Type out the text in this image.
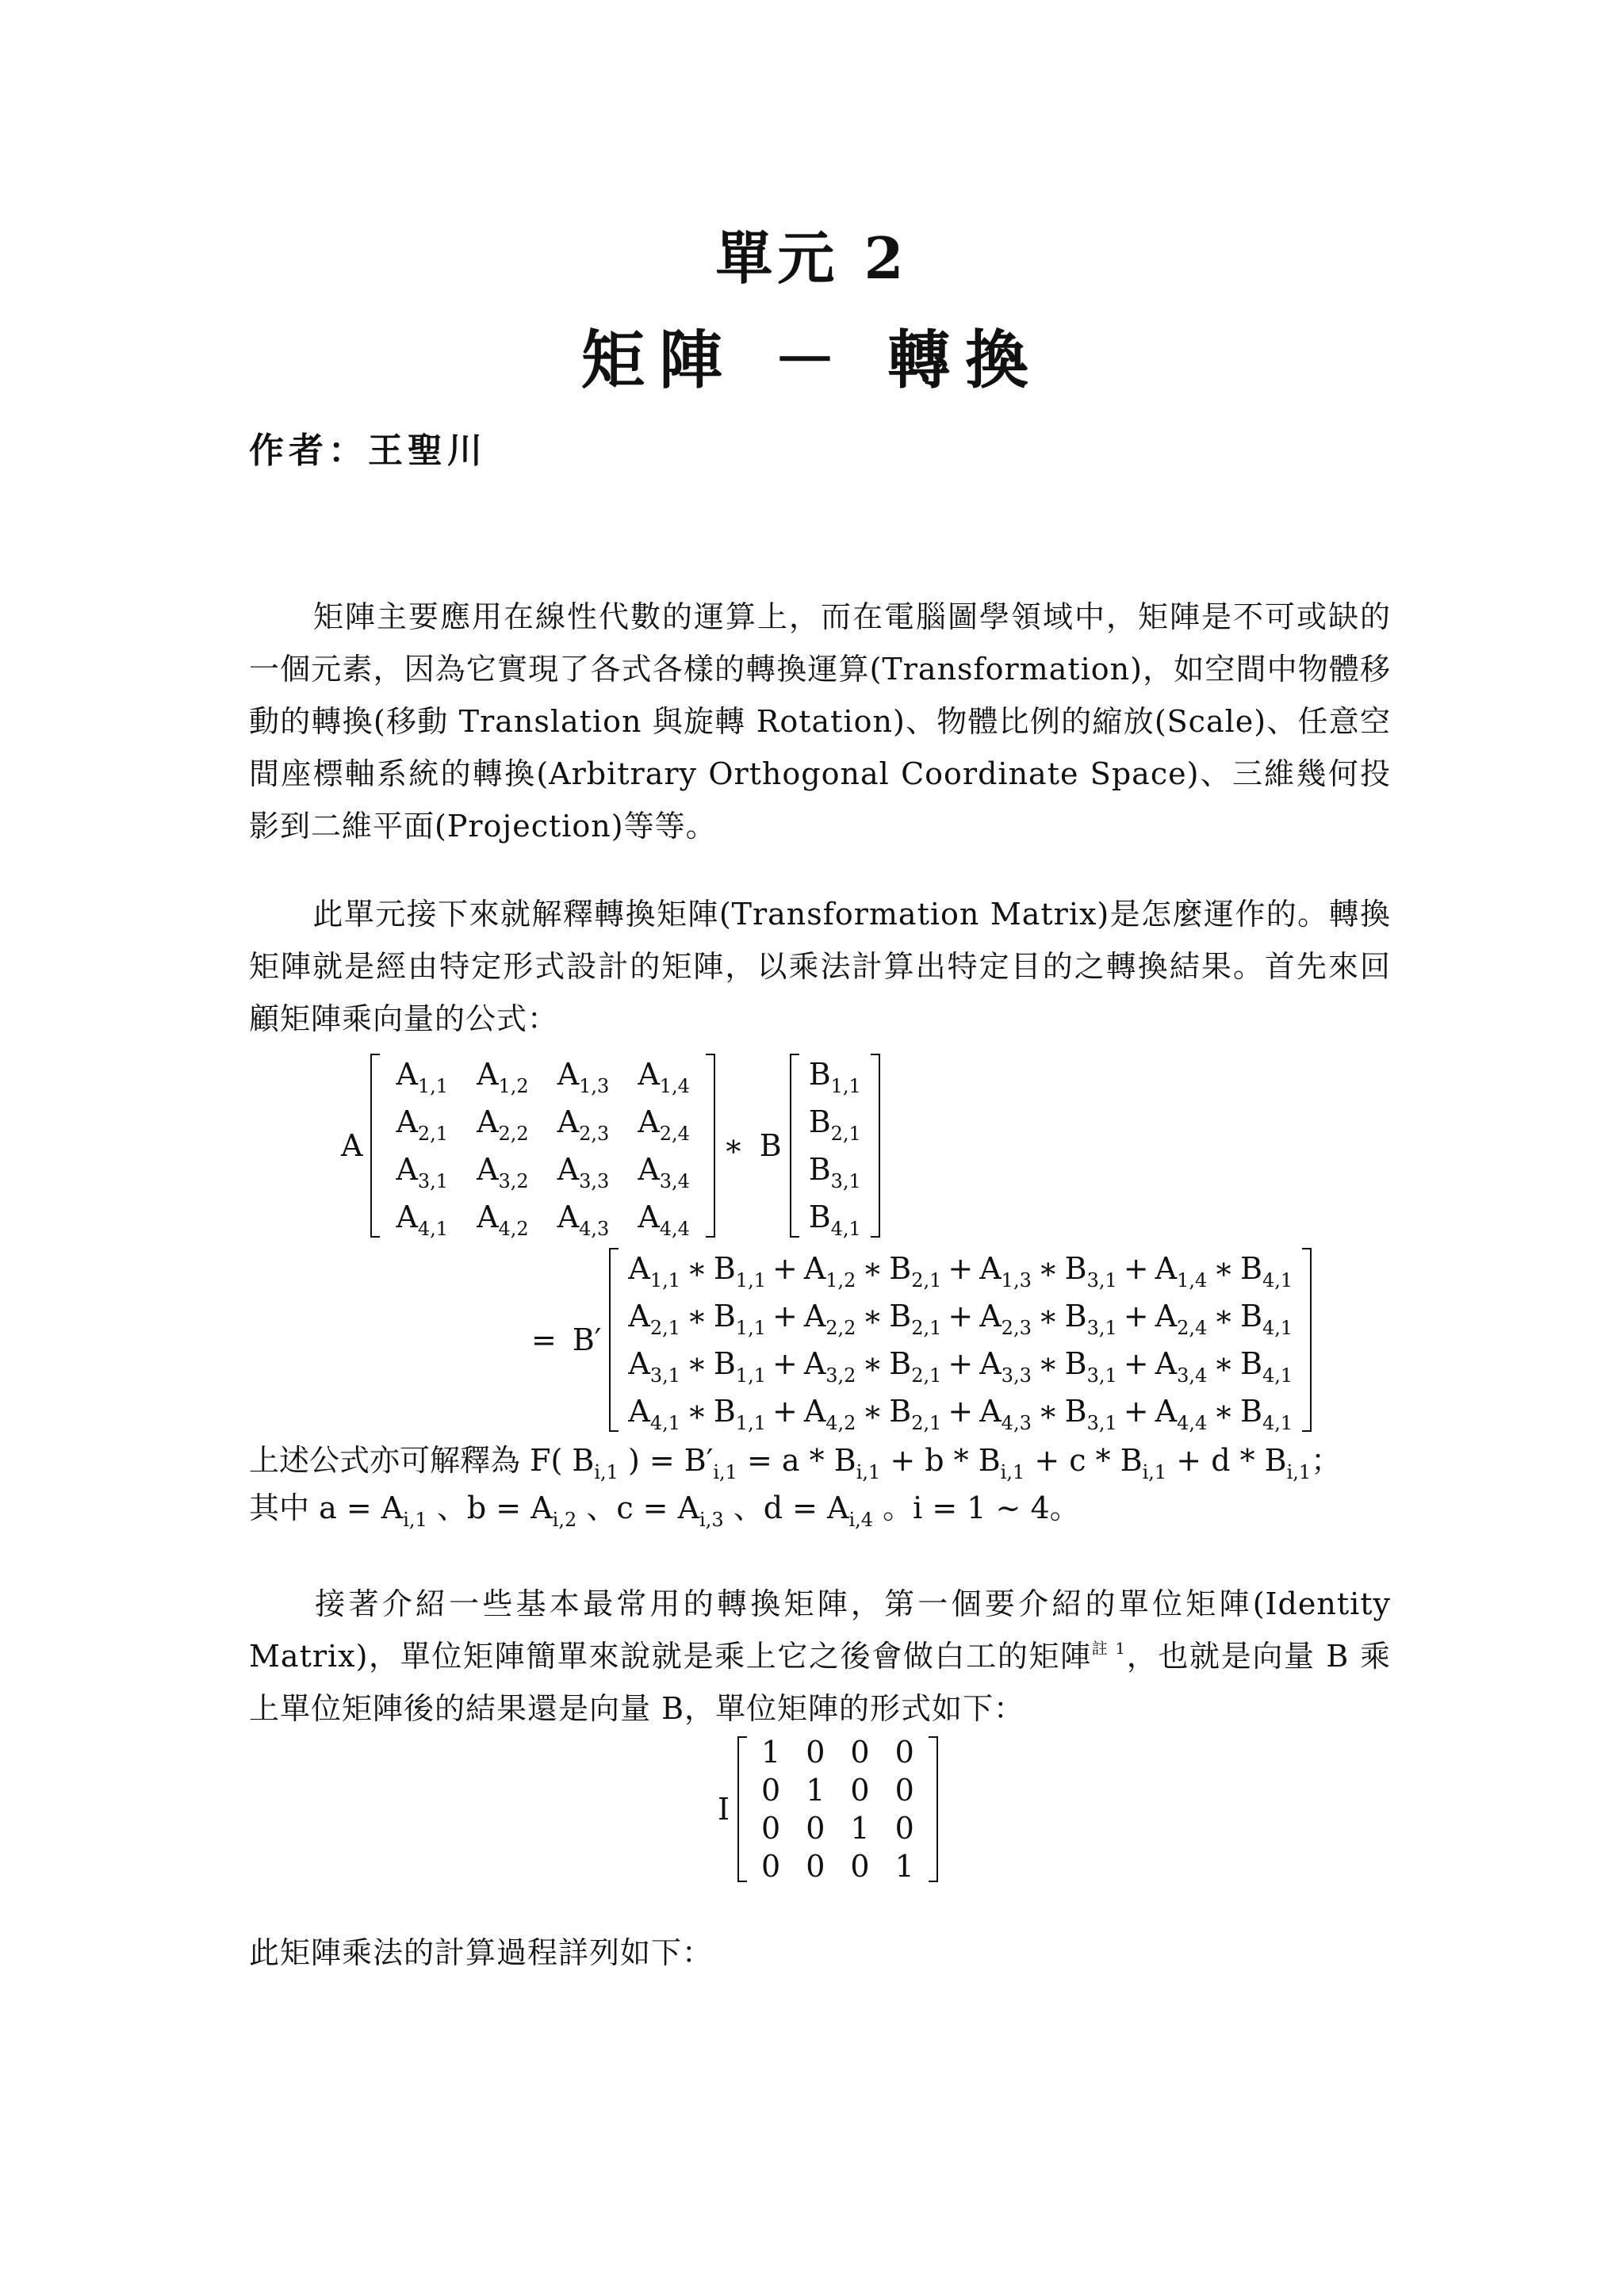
單元 2
矩陣 － 轉換
作者：王聖川
矩陣主要應用在線性代數的運算上，而在電腦圖學領域中，矩陣是不可或缺的一個元素，因為它實現了各式各樣的轉換運算(Transformation)，如空間中物體移動的轉換(移動 Translation 與旋轉 Rotation)、物體比例的縮放(Scale)、任意空間座標軸系統的轉換(Arbitrary Orthogonal Coordinate Space)、三維幾何投影到二維平面(Projection)等等。
此單元接下來就解釋轉換矩陣(Transformation Matrix)是怎麼運作的。轉換矩陣就是經由特定形式設計的矩陣，以乘法計算出特定目的之轉換結果。首先來回顧矩陣乘向量的公式：
A
$A_{1,1}$	$A_{1,2}$	$A_{1,3}$	$A_{1,4}$
$A_{2,1}$	$A_{2,2}$	$A_{2,3}$	$A_{2,4}$
$A_{3,1}$	$A_{3,2}$	$A_{3,3}$	$A_{3,4}$
$A_{4,1}$	$A_{4,2}$	$A_{4,3}$	$A_{4,4}$
∗ B
$B_{1,1}$
$B_{2,1}$
$B_{3,1}$
$B_{4,1}$
= B′
$A_{1,1}$ ∗ $B_{1,1} + A_{1,2}$ ∗ $B_{2,1} + A_{1,3}$ ∗ $B_{3,1} + A_{1,4}$ ∗ $B_{4,1}$
$A_{2,1}$ ∗ $B_{1,1} + A_{2,2}$ ∗ $B_{2,1} + A_{2,3}$ ∗ $B_{3,1} + A_{2,4}$ ∗ $B_{4,1}$
$A_{3,1}$ ∗ $B_{1,1} + A_{3,2}$ ∗ $B_{2,1} + A_{3,3}$ ∗ $B_{3,1} + A_{3,4}$ ∗ $B_{4,1}$
$A_{4,1}$ ∗ $B_{1,1} + A_{4,2}$ ∗ $B_{2,1} + A_{4,3}$ ∗ $B_{3,1} + A_{4,4}$ ∗ $B_{4,1}$
上述公式亦可解釋為 F( $B_{i,1}$ ) = $B'_{i,1} = a * B_{i,1} + b * B_{i,1} + c * B_{i,1} + d * B_{i,1}$；
其中 $a = A_{i,1}$ 、$b = A_{i,2}$ 、$c = A_{i,3}$ 、$d = A_{i,4}$ 。i = 1 ~ 4。
接著介紹一些基本最常用的轉換矩陣，第一個要介紹的單位矩陣(Identity Matrix)，單位矩陣簡單來說就是乘上它之後會做白工的矩陣$^{註 1}$，也就是向量 B 乘上單位矩陣後的結果還是向量 B，單位矩陣的形式如下：
I
1	0	0	0
0	1	0	0
0	0	1	0
0	0	0	1
此矩陣乘法的計算過程詳列如下：
